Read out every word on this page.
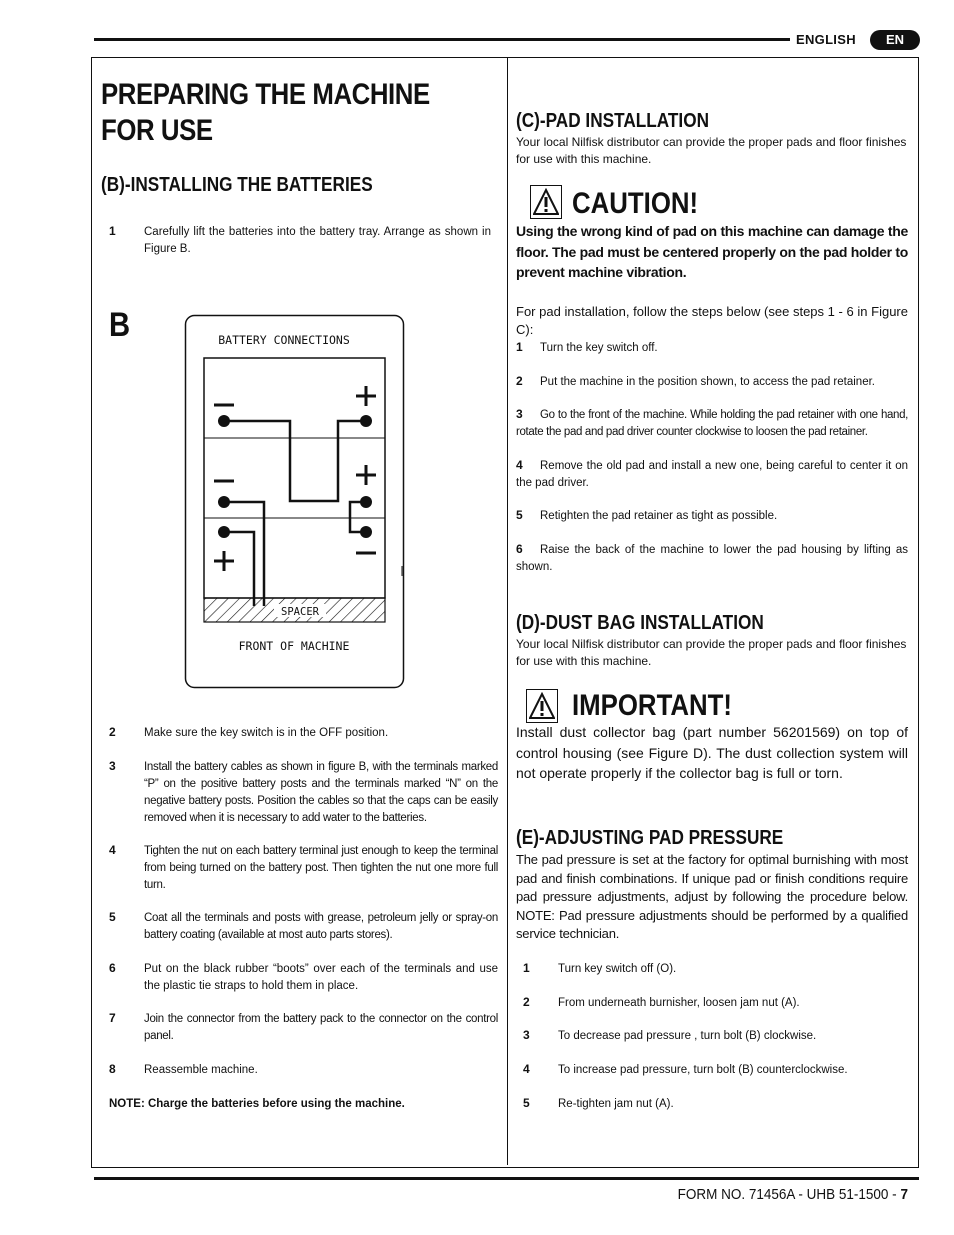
ENGLISH	EN
PREPARING THE MACHINE
FOR USE
(B)-INSTALLING THE BATTERIES
1 Carefully lift the batteries into the battery tray. Arrange as shown in Figure B.
B	BATTERY CONNECTIONS
SPACER
FRONT OF MACHINE
2 Make sure the key switch is in the OFF position.
3 Install the battery cables as shown in figure B, with the terminals marked “P” on the positive battery posts and the terminals marked “N” on the negative battery posts. Position the cables so that the caps can be easily removed when it is necessary to add water to the batteries.
4 Tighten the nut on each battery terminal just enough to keep the terminal from being turned on the battery post. Then tighten the nut one more full turn.
5 Coat all the terminals and posts with grease, petroleum jelly or spray-on battery coating (available at most auto parts stores).
6 Put on the black rubber “boots” over each of the terminals and use the plastic tie straps to hold them in place.
7 Join the connector from the battery pack to the connector on the control panel.
8 Reassemble machine.
NOTE: Charge the batteries before using the machine.
(C)-PAD INSTALLATION
Your local Nilfisk distributor can provide the proper pads and floor finishes for use with this machine.
CAUTION!
Using the wrong kind of pad on this machine can damage the floor. The pad must be centered properly on the pad holder to prevent machine vibration.
For pad installation, follow the steps below (see steps 1 - 6 in Figure C):
1 Turn the key switch off.
2 Put the machine in the position shown, to access the pad retainer.
3	Go to the front of the machine. While holding the pad retainer with one hand, rotate the pad and pad driver counter clockwise to loosen the pad retainer.
4	Remove the old pad and install a new one, being careful to center it on the pad driver.
5 Retighten the pad retainer as tight as possible.
6	Raise the back of the machine to lower the pad housing by lifting as shown.
(D)-DUST BAG INSTALLATION
Your local Nilfisk distributor can provide the proper pads and floor finishes for use with this machine.
IMPORTANT!
Install dust collector bag (part number 56201569) on top of control housing (see Figure D). The dust collection system will not operate properly if the collector bag is full or torn.
(E)-ADJUSTING PAD PRESSURE
The pad pressure is set at the factory for optimal burnishing with most pad and finish combinations. If unique pad or finish conditions require pad pressure adjustments, adjust by following the procedure below. NOTE: Pad pressure adjustments should be performed by a qualified service technician.
1 Turn key switch off (O).
2 From underneath burnisher, loosen jam nut (A).
3 To decrease pad pressure , turn bolt (B) clockwise.
4 To increase pad pressure, turn bolt (B) counterclockwise.
5 Re-tighten jam nut (A).
FORM NO. 71456A - UHB 51-1500 - 7
